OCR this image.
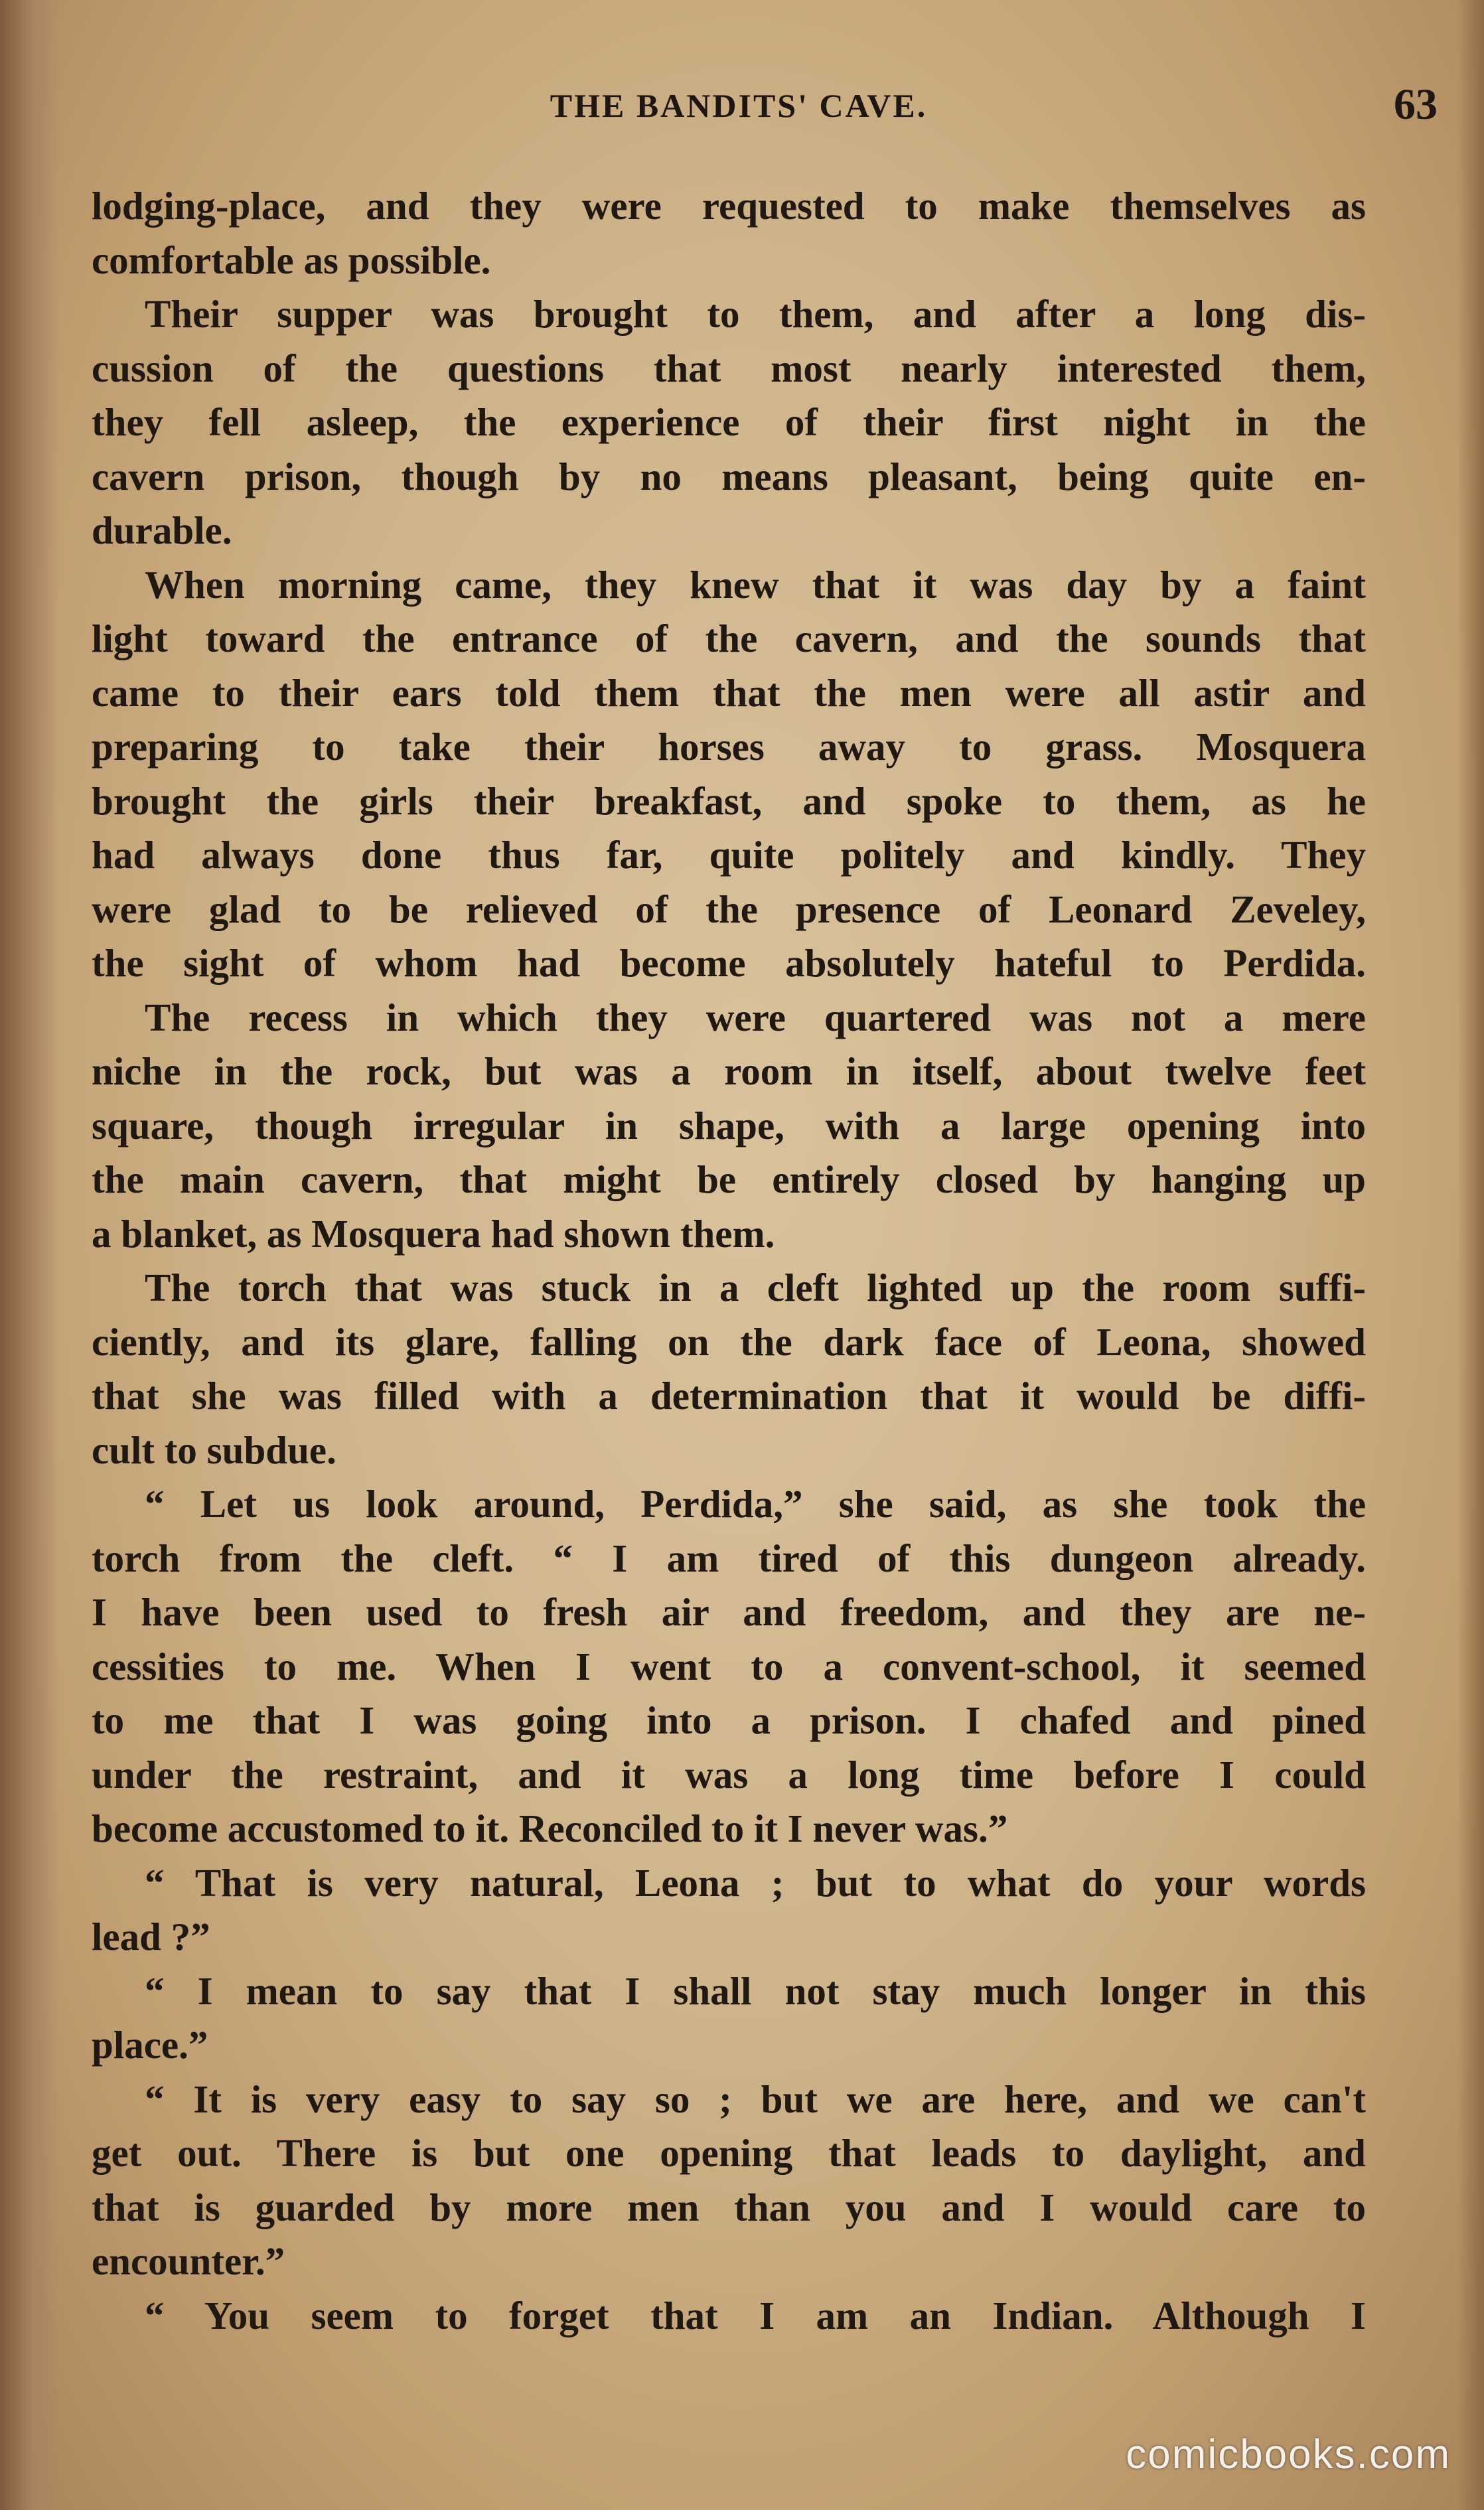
THE BANDITS' CAVE.	63
lodging-place, and they were requested to make themselves as
comfortable as possible.
Their supper was brought to them, and after a long dis-
cussion of the questions that most nearly interested them,
they fell asleep, the experience of their first night in the
cavern prison, though by no means pleasant, being quite en-
durable.
When morning came, they knew that it was day by a faint
light toward the entrance of the cavern, and the sounds that
came to their ears told them that the men were all astir and
preparing to take their horses away to grass. Mosquera
brought the girls their breakfast, and spoke to them, as he
had always done thus far, quite politely and kindly. They
were glad to be relieved of the presence of Leonard Zeveley,
the sight of whom had become absolutely hateful to Perdida.
The recess in which they were quartered was not a mere
niche in the rock, but was a room in itself, about twelve feet
square, though irregular in shape, with a large opening into
the main cavern, that might be entirely closed by hanging up
a blanket, as Mosquera had shown them.
The torch that was stuck in a cleft lighted up the room suffi-
ciently, and its glare, falling on the dark face of Leona, showed
that she was filled with a determination that it would be diffi-
cult to subdue.
“ Let us look around, Perdida,” she said, as she took the
torch from the cleft. “ I am tired of this dungeon already.
I have been used to fresh air and freedom, and they are ne-
cessities to me. When I went to a convent-school, it seemed
to me that I was going into a prison. I chafed and pined
under the restraint, and it was a long time before I could
become accustomed to it. Reconciled to it I never was.”
“ That is very natural, Leona ; but to what do your words
lead ?”
“ I mean to say that I shall not stay much longer in this
place.”
“ It is very easy to say so ; but we are here, and we can't
get out. There is but one opening that leads to daylight, and
that is guarded by more men than you and I would care to
encounter.”
“ You seem to forget that I am an Indian. Although I
comicbooks.com
